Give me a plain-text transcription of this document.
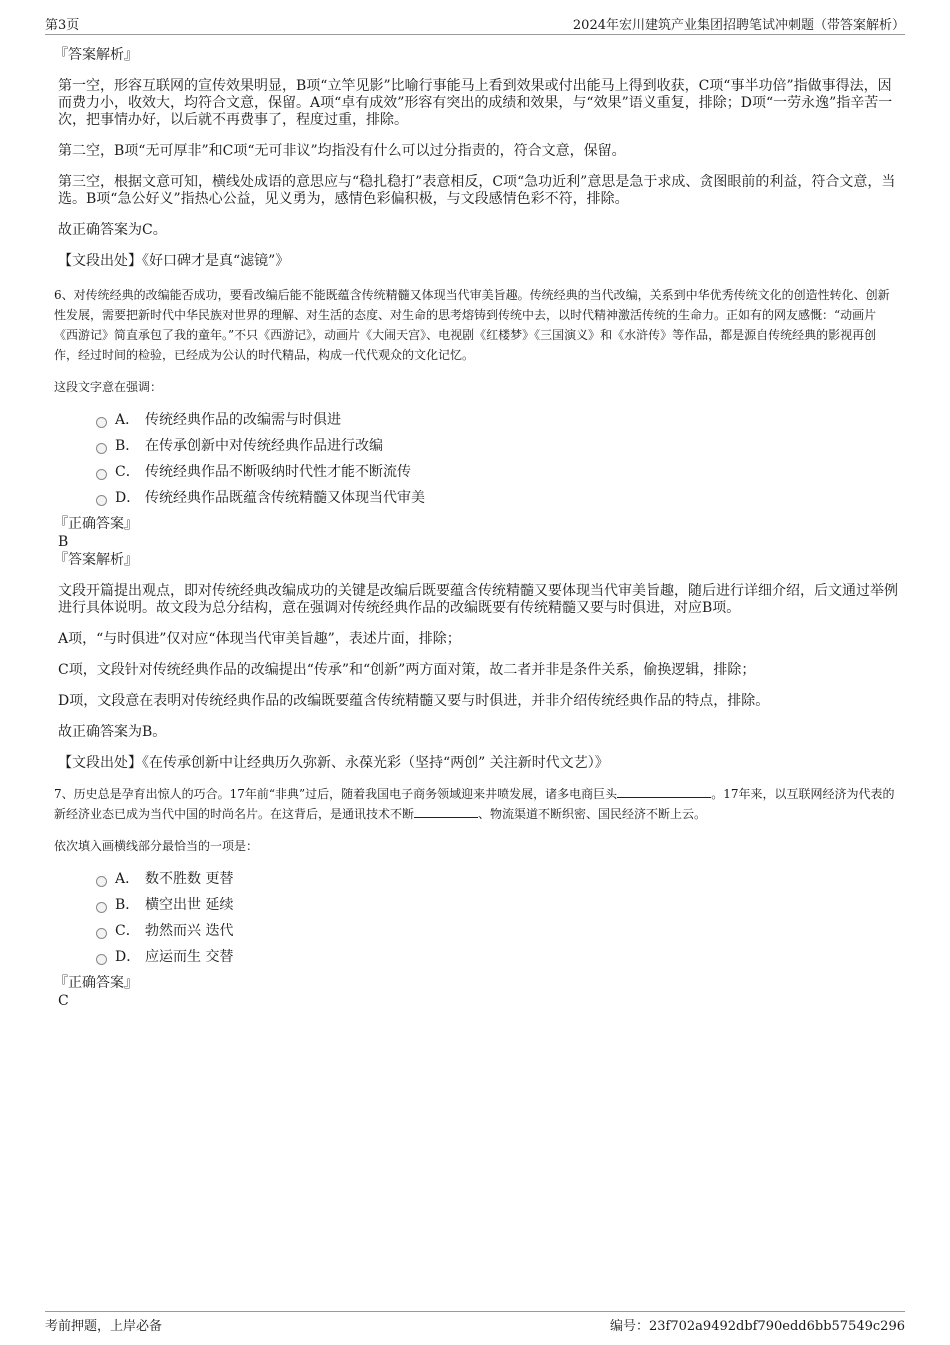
第3页	2024年宏川建筑产业集团招聘笔试冲刺题（带答案解析）
『答案解析』

第一空，形容互联网的宣传效果明显，B项“立竿见影”比喻行事能马上看到效果或付出能马上得到收获，C项“事半功倍”指做事得法，因而费力小，收效大，均符合文意，保留。A项“卓有成效”形容有突出的成绩和效果，与“效果”语义重复，排除；D项“一劳永逸”指辛苦一次，把事情办好，以后就不再费事了，程度过重，排除。

第二空，B项“无可厚非”和C项“无可非议”均指没有什么可以过分指责的，符合文意，保留。

第三空，根据文意可知，横线处成语的意思应与“稳扎稳打”表意相反，C项“急功近利”意思是急于求成、贪图眼前的利益，符合文意，当选。B项“急公好义”指热心公益，见义勇为，感情色彩偏积极，与文段感情色彩不符，排除。

故正确答案为C。

【文段出处】《好口碑才是真“滤镜”》

6、对传统经典的改编能否成功，要看改编后能不能既蕴含传统精髓又体现当代审美旨趣。传统经典的当代改编，关系到中华优秀传统文化的创造性转化、创新性发展，需要把新时代中华民族对世界的理解、对生活的态度、对生命的思考熔铸到传统中去，以时代精神激活传统的生命力。正如有的网友感慨：“动画片《西游记》简直承包了我的童年。”不只《西游记》，动画片《大闹天宫》、电视剧《红楼梦》《三国演义》和《水浒传》等作品，都是源自传统经典的影视再创作，经过时间的检验，已经成为公认的时代精品，构成一代代观众的文化记忆。

这段文字意在强调：
A． 传统经典作品的改编需与时俱进
B． 在传承创新中对传统经典作品进行改编
C． 传统经典作品不断吸纳时代性才能不断流传
D． 传统经典作品既蕴含传统精髓又体现当代审美
『正确答案』
B
『答案解析』

文段开篇提出观点，即对传统经典改编成功的关键是改编后既要蕴含传统精髓又要体现当代审美旨趣，随后进行详细介绍，后文通过举例进行具体说明。故文段为总分结构，意在强调对传统经典作品的改编既要有传统精髓又要与时俱进，对应B项。

A项，“与时俱进”仅对应“体现当代审美旨趣”，表述片面，排除；

C项，文段针对传统经典作品的改编提出“传承”和“创新”两方面对策，故二者并非是条件关系，偷换逻辑，排除；

D项，文段意在表明对传统经典作品的改编既要蕴含传统精髓又要与时俱进，并非介绍传统经典作品的特点，排除。

故正确答案为B。

【文段出处】《在传承创新中让经典历久弥新、永葆光彩（坚持“两创” 关注新时代文艺）》

7、历史总是孕育出惊人的巧合。17年前“非典”过后，随着我国电子商务领域迎来井喷发展，诸多电商巨头	。17年来，以互联网经济为代表的新经济业态已成为当代中国的时尚名片。在这背后，是通讯技术不断	、物流渠道不断织密、国民经济不断上云。

依次填入画横线部分最恰当的一项是：
A． 数不胜数 更替
B． 横空出世 延续
C． 勃然而兴 迭代
D． 应运而生 交替
『正确答案』
C
考前押题，上岸必备	编号：23f702a9492dbf790edd6bb57549c296
